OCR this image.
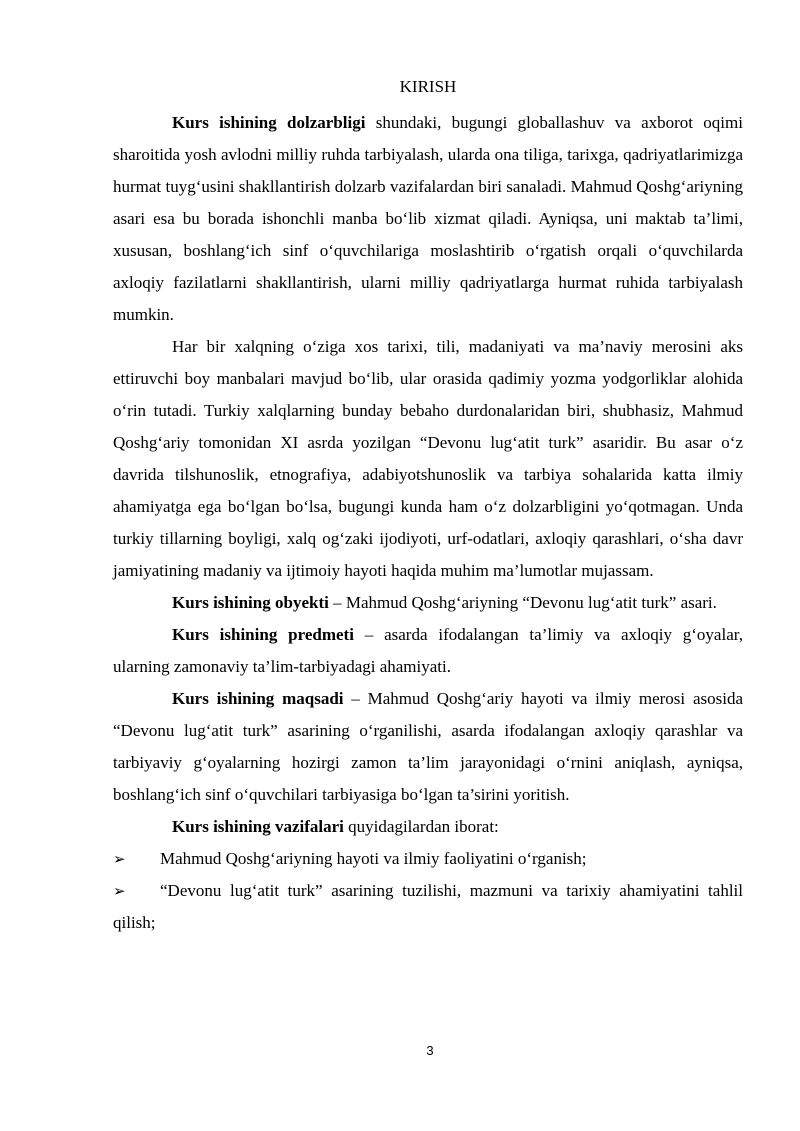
KIRISH

Kurs ishining dolzarbligi shundaki, bugungi globallashuv va axborot oqimi sharoitida yosh avlodni milliy ruhda tarbiyalash, ularda ona tiliga, tarixga, qadriyatlarimizga hurmat tuyg‘usini shakllantirish dolzarb vazifalardan biri sanaladi. Mahmud Qoshg‘ariyning asari esa bu borada ishonchli manba bo‘lib xizmat qiladi. Ayniqsa, uni maktab ta’limi, xususan, boshlang‘ich sinf o‘quvchilariga moslashtirib o‘rgatish orqali o‘quvchilarda axloqiy fazilatlarni shakllantirish, ularni milliy qadriyatlarga hurmat ruhida tarbiyalash mumkin.

Har bir xalqning o‘ziga xos tarixi, tili, madaniyati va ma’naviy merosini aks ettiruvchi boy manbalari mavjud bo‘lib, ular orasida qadimiy yozma yodgorliklar alohida o‘rin tutadi. Turkiy xalqlarning bunday bebaho durdonalaridan biri, shubhasiz, Mahmud Qoshg‘ariy tomonidan XI asrda yozilgan “Devonu lug‘atit turk” asaridir. Bu asar o‘z davrida tilshunoslik, etnografiya, adabiyotshunoslik va tarbiya sohalarida katta ilmiy ahamiyatga ega bo‘lgan bo‘lsa, bugungi kunda ham o‘z dolzarbligini yo‘qotmagan. Unda turkiy tillarning boyligi, xalq og‘zaki ijodiyoti, urf-odatlari, axloqiy qarashlari, o‘sha davr jamiyatining madaniy va ijtimoiy hayoti haqida muhim ma’lumotlar mujassam.

Kurs ishining obyekti – Mahmud Qoshg‘ariyning “Devonu lug‘atit turk” asari.

Kurs ishining predmeti – asarda ifodalangan ta’limiy va axloqiy g‘oyalar, ularning zamonaviy ta’lim-tarbiyadagi ahamiyati.

Kurs ishining maqsadi – Mahmud Qoshg‘ariy hayoti va ilmiy merosi asosida “Devonu lug‘atit turk” asarining o‘rganilishi, asarda ifodalangan axloqiy qarashlar va tarbiyaviy g‘oyalarning hozirgi zamon ta’lim jarayonidagi o‘rnini aniqlash, ayniqsa, boshlang‘ich sinf o‘quvchilari tarbiyasiga bo‘lgan ta’sirini yoritish.

Kurs ishining vazifalari quyidagilardan iborat:

➢ Mahmud Qoshg‘ariyning hayoti va ilmiy faoliyatini o‘rganish;

➢ “Devonu lug‘atit turk” asarining tuzilishi, mazmuni va tarixiy ahamiyatini tahlil qilish;

3
